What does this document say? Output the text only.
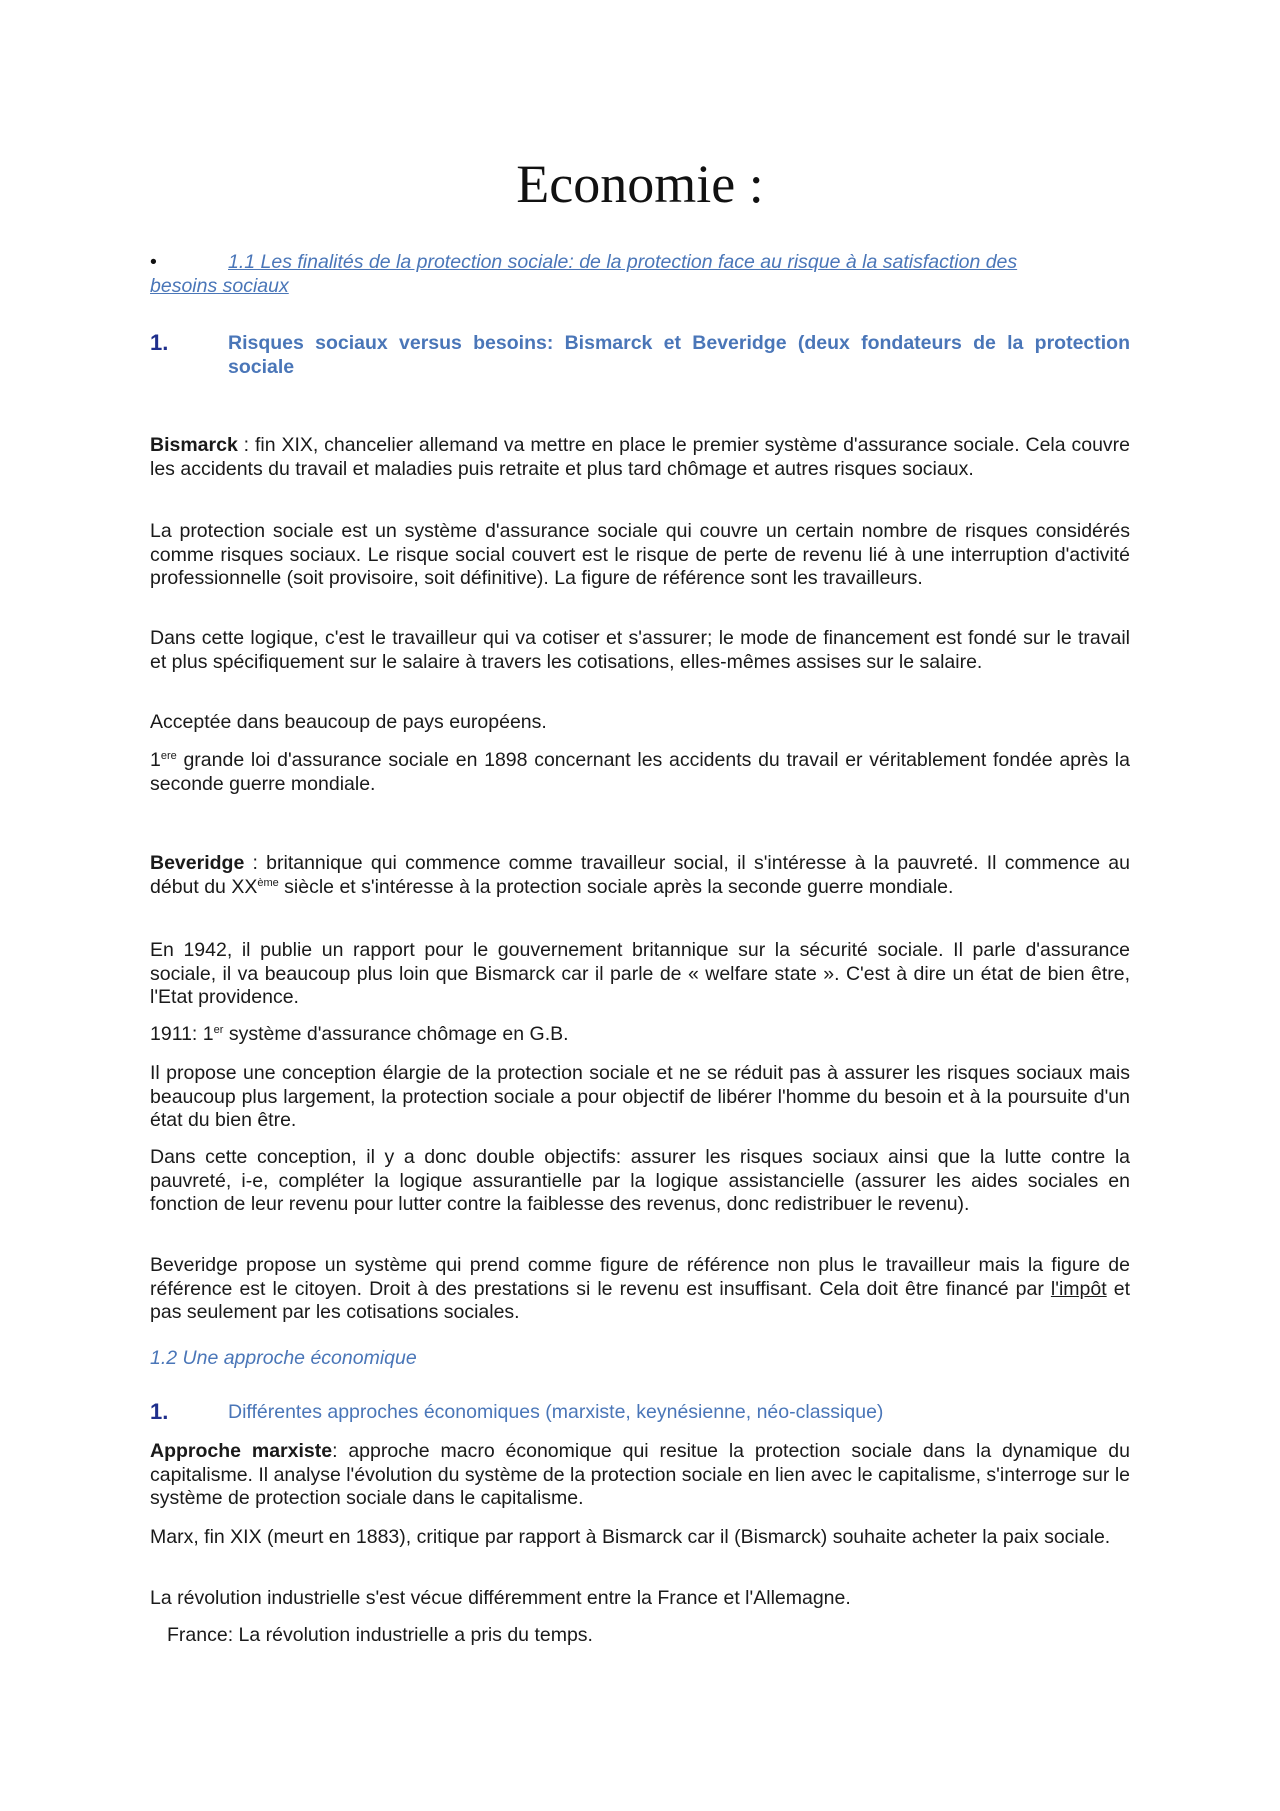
Economie :
•	1.1 Les finalités de la protection sociale: de la protection face au risque à la satisfaction des
besoins sociaux
1.	Risques sociaux versus besoins: Bismarck et Beveridge (deux fondateurs de la protection sociale
Bismarck : fin XIX, chancelier allemand va mettre en place le premier système d'assurance sociale. Cela couvre les accidents du travail et maladies puis retraite et plus tard chômage et autres risques sociaux.
La protection sociale est un système d'assurance sociale qui couvre un certain nombre de risques considérés comme risques sociaux. Le risque social couvert est le risque de perte de revenu lié à une interruption d'activité professionnelle (soit provisoire, soit définitive). La figure de référence sont les travailleurs.
Dans cette logique, c'est le travailleur qui va cotiser et s'assurer; le mode de financement est fondé sur le travail et plus spécifiquement sur le salaire à travers les cotisations, elles-mêmes assises sur le salaire.
Acceptée dans beaucoup de pays européens.
1ere grande loi d'assurance sociale en 1898 concernant les accidents du travail er véritablement fondée après la seconde guerre mondiale.
Beveridge : britannique qui commence comme travailleur social, il s'intéresse à la pauvreté. Il commence au début du XXème siècle et s'intéresse à la protection sociale après la seconde guerre mondiale.
En 1942, il publie un rapport pour le gouvernement britannique sur la sécurité sociale. Il parle d'assurance sociale, il va beaucoup plus loin que Bismarck car il parle de « welfare state ». C'est à dire un état de bien être, l'Etat providence.
1911: 1er système d'assurance chômage en G.B.
Il propose une conception élargie de la protection sociale et ne se réduit pas à assurer les risques sociaux mais beaucoup plus largement, la protection sociale a pour objectif de libérer l'homme du besoin et à la poursuite d'un état du bien être.
Dans cette conception, il y a donc double objectifs: assurer les risques sociaux ainsi que la lutte contre la pauvreté, i-e, compléter la logique assurantielle par la logique assistancielle (assurer les aides sociales en fonction de leur revenu pour lutter contre la faiblesse des revenus, donc redistribuer le revenu).
Beveridge propose un système qui prend comme figure de référence non plus le travailleur mais la figure de référence est le citoyen. Droit à des prestations si le revenu est insuffisant. Cela doit être financé par l'impôt et pas seulement par les cotisations sociales.
1.2 Une approche économique
1.	Différentes approches économiques (marxiste, keynésienne, néo-classique)
Approche marxiste: approche macro économique qui resitue la protection sociale dans la dynamique du capitalisme. Il analyse l'évolution du système de la protection sociale en lien avec le capitalisme, s'interroge sur le système de protection sociale dans le capitalisme.
Marx, fin XIX (meurt en 1883), critique par rapport à Bismarck car il (Bismarck) souhaite acheter la paix sociale.
La révolution industrielle s'est vécue différemment entre la France et l'Allemagne.
France: La révolution industrielle a pris du temps.
